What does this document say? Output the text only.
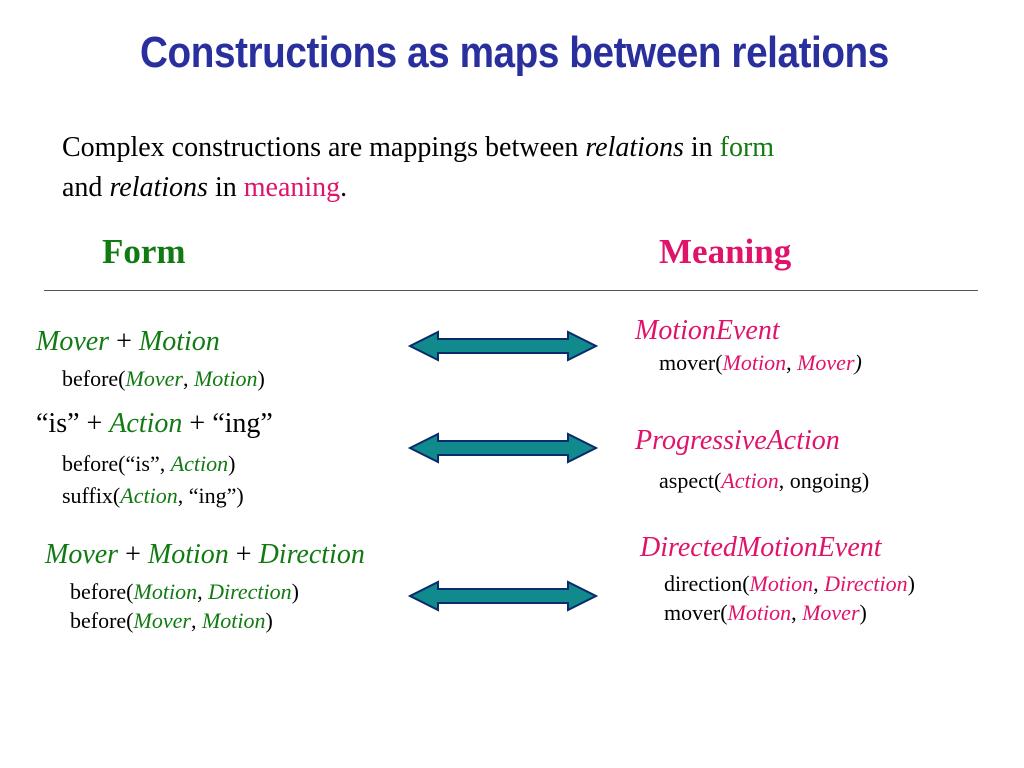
Constructions as maps between relations
Complex constructions are mappings between relations in form
and relations in meaning.
Form	Meaning
Mover + Motion
before(Mover, Motion)
MotionEvent
mover(Motion, Mover)
“is” + Action + “ing”
before(“is”, Action)
suffix(Action, “ing”)
ProgressiveAction
aspect(Action, ongoing)
Mover + Motion + Direction
before(Motion, Direction)
before(Mover, Motion)
DirectedMotionEvent
direction(Motion, Direction)
mover(Motion, Mover)
